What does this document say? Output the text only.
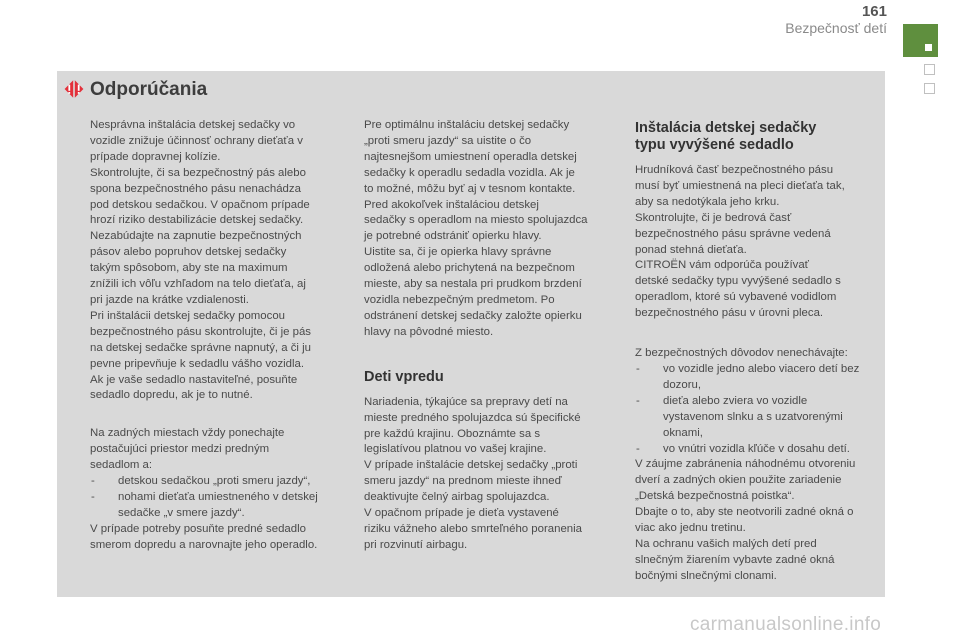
161
Bezpečnosť detí
Odporúčania

Nesprávna inštalácia detskej sedačky vo
vozidle znižuje účinnosť ochrany dieťaťa v
prípade dopravnej kolízie.
Skontrolujte, či sa bezpečnostný pás alebo
spona bezpečnostného pásu nenachádza
pod detskou sedačkou. V opačnom prípade
hrozí riziko destabilizácie detskej sedačky.
Nezabúdajte na zapnutie bezpečnostných
pásov alebo popruhov detskej sedačky
takým spôsobom, aby ste na maximum
znížili ich vôľu vzhľadom na telo dieťaťa, aj
pri jazde na krátke vzdialenosti.
Pri inštalácii detskej sedačky pomocou
bezpečnostného pásu skontrolujte, či je pás
na detskej sedačke správne napnutý, a či ju
pevne pripevňuje k sedadlu vášho vozidla.
Ak je vaše sedadlo nastaviteľné, posuňte
sedadlo dopredu, ak je to nutné.

Na zadných miestach vždy ponechajte
postačujúci priestor medzi predným
sedadlom a:

- detskou sedačkou „proti smeru jazdy“,
- nohami dieťaťa umiestneného v detskej
sedačke „v smere jazdy“.

V prípade potreby posuňte predné sedadlo
smerom dopredu a narovnajte jeho operadlo.

Pre optimálnu inštaláciu detskej sedačky
„proti smeru jazdy“ sa uistite o čo
najtesnejšom umiestnení operadla detskej
sedačky k operadlu sedadla vozidla. Ak je
to možné, môžu byť aj v tesnom kontakte.
Pred akokoľvek inštaláciou detskej
sedačky s operadlom na miesto spolujazdca
je potrebné odstrániť opierku hlavy.
Uistite sa, či je opierka hlavy správne
odložená alebo prichytená na bezpečnom
mieste, aby sa nestala pri prudkom brzdení
vozidla nebezpečným predmetom. Po
odstránení detskej sedačky založte opierku
hlavy na pôvodné miesto.

Deti vpredu

Nariadenia, týkajúce sa prepravy detí na
mieste predného spolujazdca sú špecifické
pre každú krajinu. Oboznámte sa s
legislatívou platnou vo vašej krajine.
V prípade inštalácie detskej sedačky „proti
smeru jazdy“ na prednom mieste ihneď
deaktivujte čelný airbag spolujazdca.
V opačnom prípade je dieťa vystavené
riziku vážneho alebo smrteľného poranenia
pri rozvinutí airbagu.

Inštalácia detskej sedačky
typu vyvýšené sedadlo

Hrudníková časť bezpečnostného pásu
musí byť umiestnená na pleci dieťaťa tak,
aby sa nedotýkala jeho krku.
Skontrolujte, či je bedrová časť
bezpečnostného pásu správne vedená
ponad stehná dieťaťa.
CITROËN vám odporúča používať
detské sedačky typu vyvýšené sedadlo s
operadlom, ktoré sú vybavené vodidlom
bezpečnostného pásu v úrovni pleca.

Z bezpečnostných dôvodov nenechávajte:

- vo vozidle jedno alebo viacero detí bez
dozoru,
- dieťa alebo zviera vo vozidle
vystavenom slnku a s uzatvorenými
oknami,
- vo vnútri vozidla kľúče v dosahu detí.

V záujme zabránenia náhodnému otvoreniu
dverí a zadných okien použite zariadenie
„Detská bezpečnostná poistka“.
Dbajte o to, aby ste neotvorili zadné okná o
viac ako jednu tretinu.
Na ochranu vašich malých detí pred
slnečným žiarením vybavte zadné okná
bočnými slnečnými clonami.

carmanualsonline.info
